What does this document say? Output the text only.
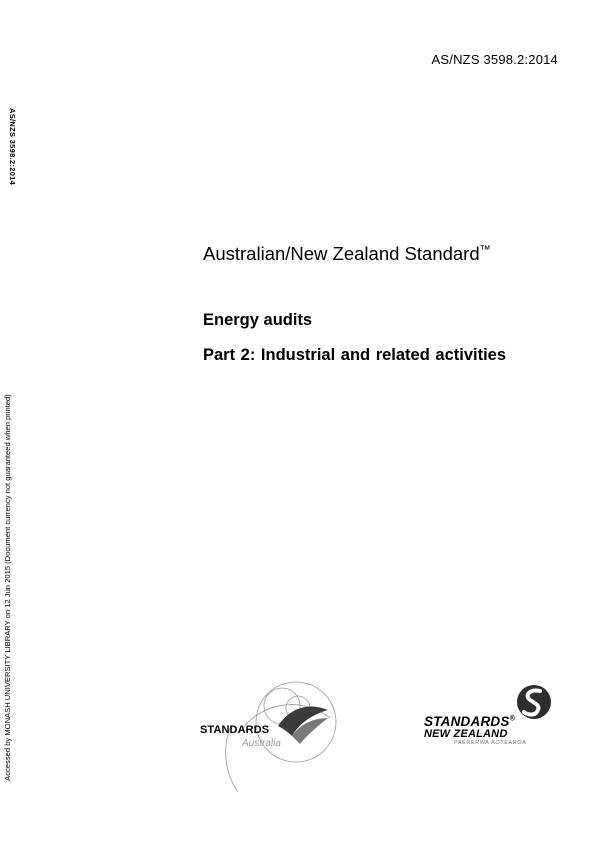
AS/NZS 3598.2:2014
AS/NZS 3598.2:2014
Accessed by MONASH UNIVERSITY LIBRARY on 12 Jun 2015 (Document currency not guaranteed when printed)
Australian/New Zealand Standard™
Energy audits
Part 2: Industrial and related activities
STANDARDS
Australia
STANDARDS®
NEW ZEALAND
PAERERWA AOTEAROA
